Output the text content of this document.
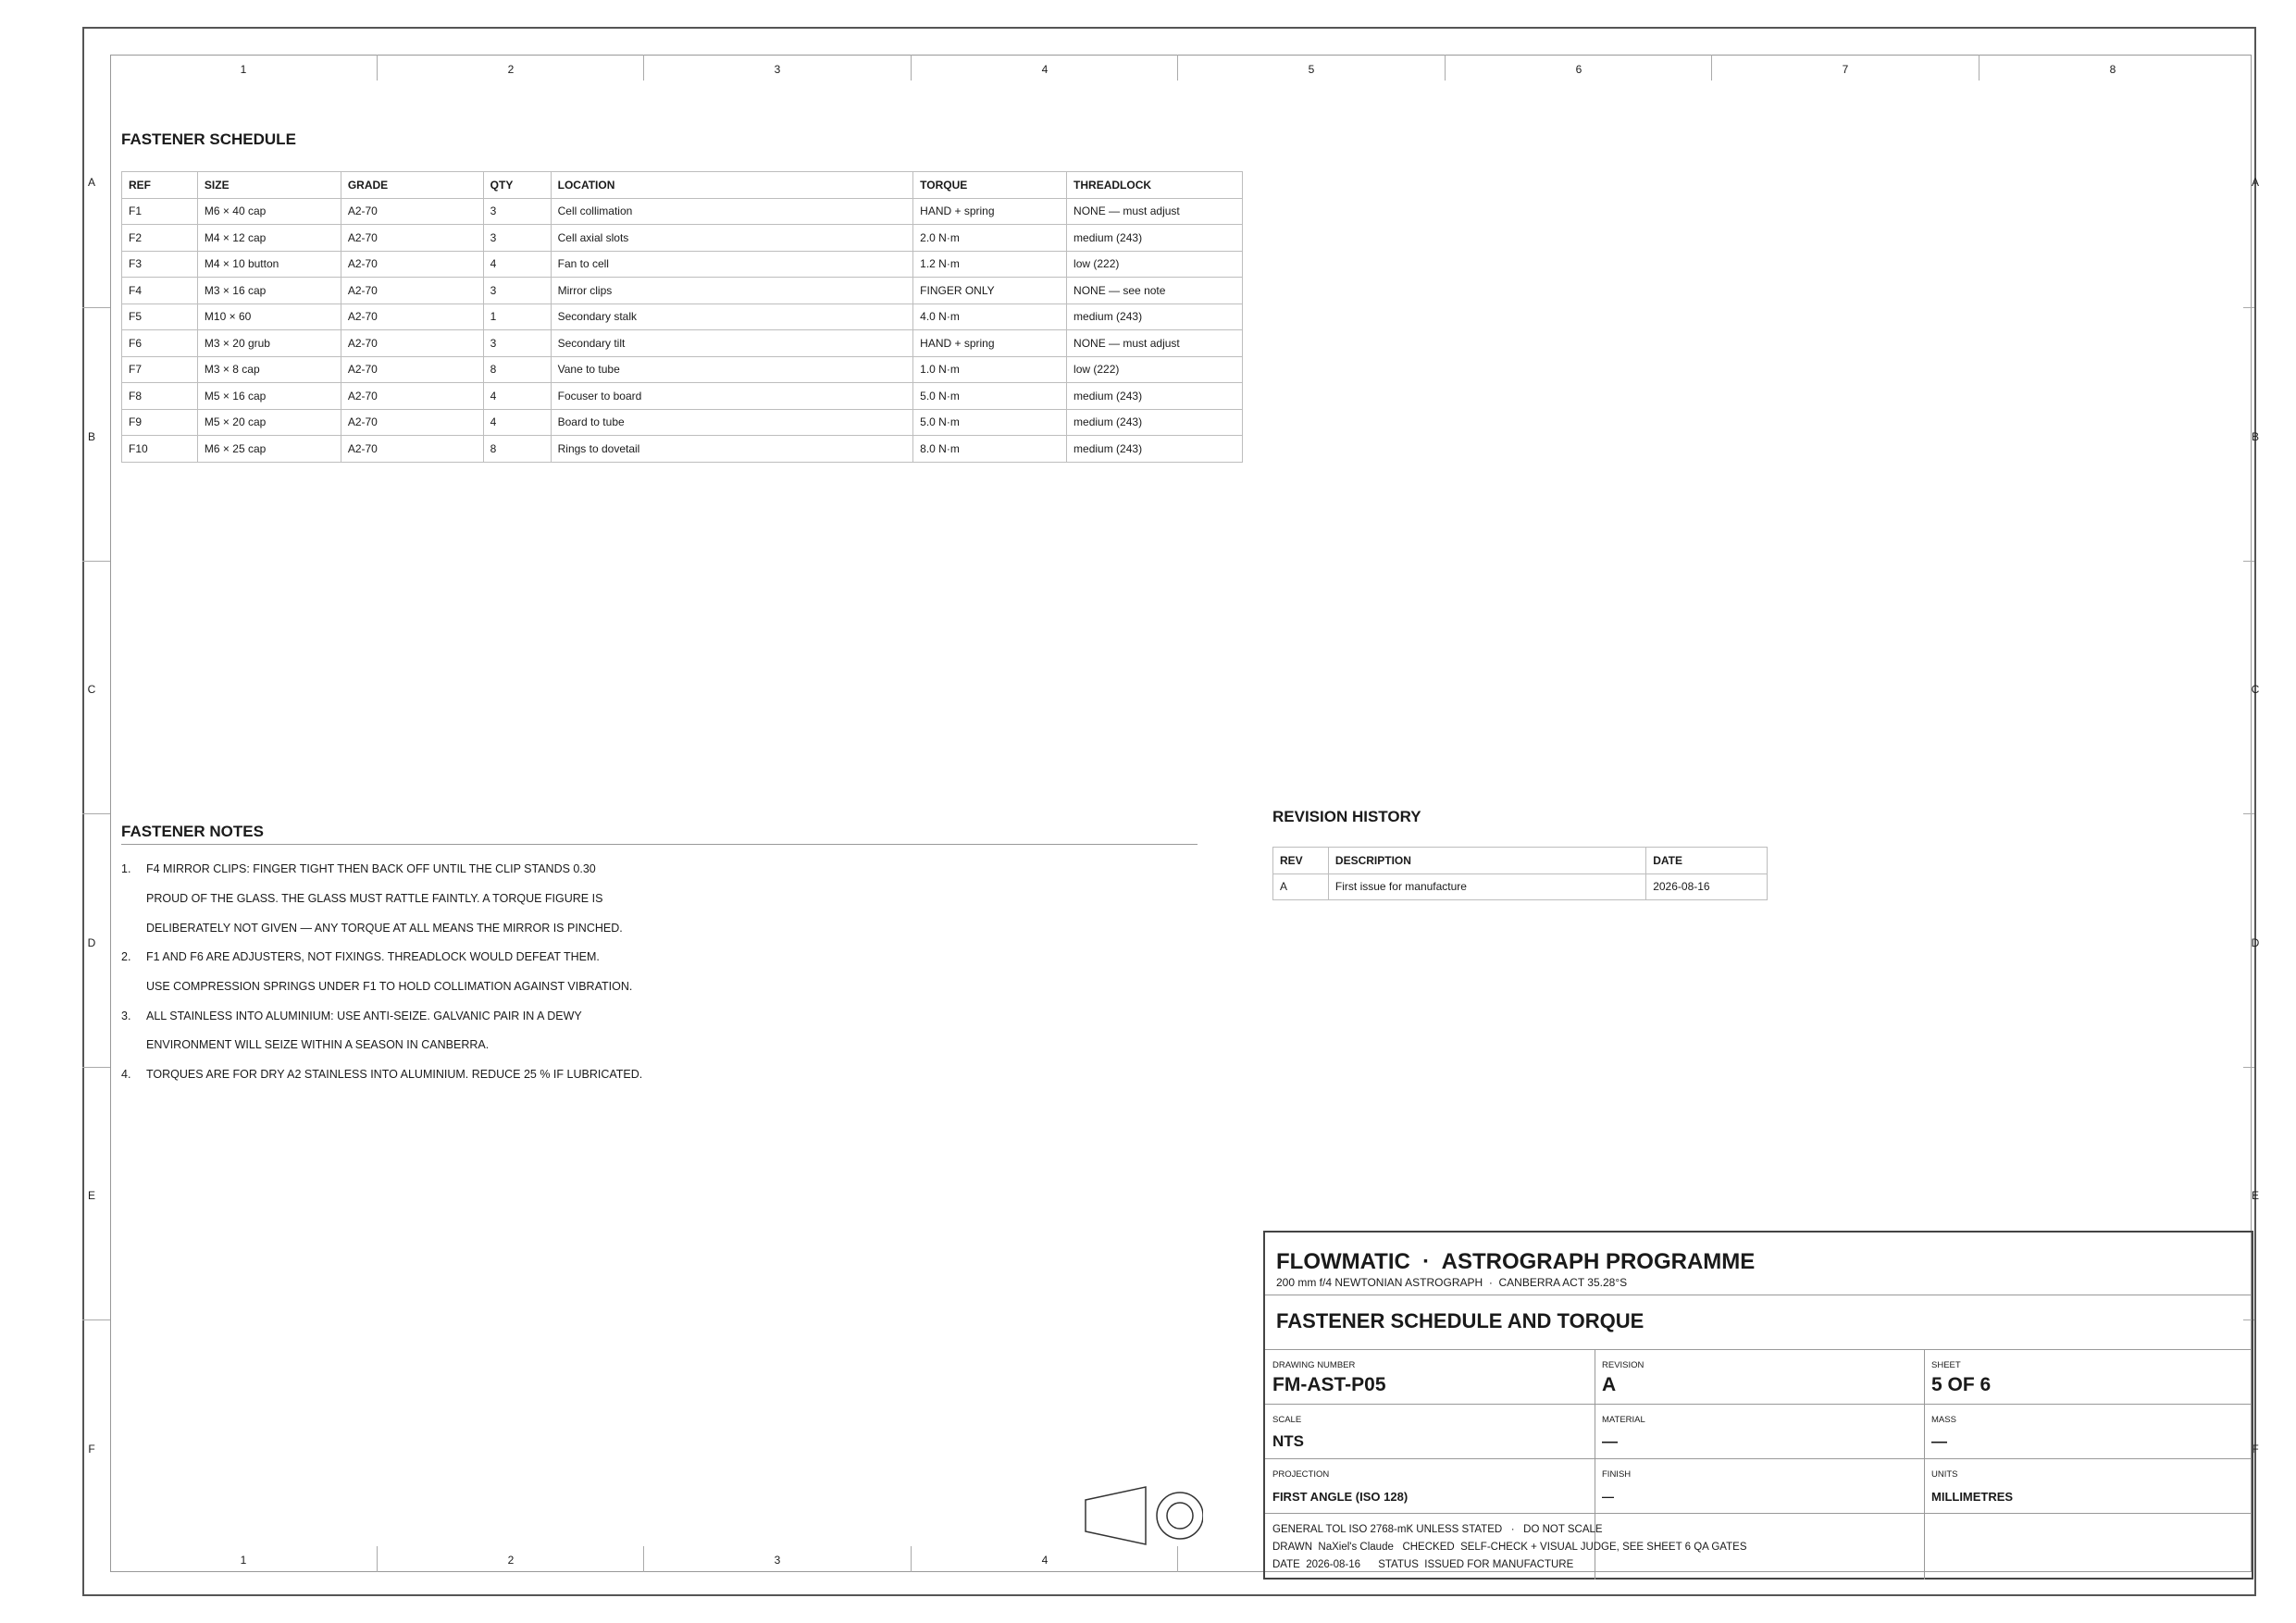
1	2	3	4	5	6	7	8
1	2	3	4
A
B
C
D
E
F
A
B
C
D
E
F
FASTENER SCHEDULE
REF	SIZE	GRADE	QTY	LOCATION	TORQUE	THREADLOCK
F1	M6 × 40 cap	A2-70	3	Cell collimation	HAND + spring	NONE — must adjust
F2	M4 × 12 cap	A2-70	3	Cell axial slots	2.0 N·m	medium (243)
F3	M4 × 10 button	A2-70	4	Fan to cell	1.2 N·m	low (222)
F4	M3 × 16 cap	A2-70	3	Mirror clips	FINGER ONLY	NONE — see note
F5	M10 × 60	A2-70	1	Secondary stalk	4.0 N·m	medium (243)
F6	M3 × 20 grub	A2-70	3	Secondary tilt	HAND + spring	NONE — must adjust
F7	M3 × 8 cap	A2-70	8	Vane to tube	1.0 N·m	low (222)
F8	M5 × 16 cap	A2-70	4	Focuser to board	5.0 N·m	medium (243)
F9	M5 × 20 cap	A2-70	4	Board to tube	5.0 N·m	medium (243)
F10	M6 × 25 cap	A2-70	8	Rings to dovetail	8.0 N·m	medium (243)
FASTENER NOTES
1. F4 MIRROR CLIPS: FINGER TIGHT THEN BACK OFF UNTIL THE CLIP STANDS 0.30
PROUD OF THE GLASS. THE GLASS MUST RATTLE FAINTLY. A TORQUE FIGURE IS
DELIBERATELY NOT GIVEN — ANY TORQUE AT ALL MEANS THE MIRROR IS PINCHED.
2. F1 AND F6 ARE ADJUSTERS, NOT FIXINGS. THREADLOCK WOULD DEFEAT THEM.
USE COMPRESSION SPRINGS UNDER F1 TO HOLD COLLIMATION AGAINST VIBRATION.
3. ALL STAINLESS INTO ALUMINIUM: USE ANTI-SEIZE. GALVANIC PAIR IN A DEWY
ENVIRONMENT WILL SEIZE WITHIN A SEASON IN CANBERRA.
4. TORQUES ARE FOR DRY A2 STAINLESS INTO ALUMINIUM. REDUCE 25 % IF LUBRICATED.
REVISION HISTORY
REV	DESCRIPTION	DATE
A	First issue for manufacture	2026-08-16
FLOWMATIC  ·  ASTROGRAPH PROGRAMME
200 mm f/4 NEWTONIAN ASTROGRAPH  ·  CANBERRA ACT 35.28°S
FASTENER SCHEDULE AND TORQUE
DRAWING NUMBER
FM-AST-P05
REVISION
A
SHEET
5 OF 6
SCALE
NTS
MATERIAL
—
MASS
—
PROJECTION
FIRST ANGLE (ISO 128)
FINISH
—
UNITS
MILLIMETRES
GENERAL TOL ISO 2768-mK UNLESS STATED   ·   DO NOT SCALE
DRAWN  NaXiel's Claude   CHECKED  SELF-CHECK + VISUAL JUDGE, SEE SHEET 6 QA GATES
DATE  2026-08-16      STATUS  ISSUED FOR MANUFACTURE
